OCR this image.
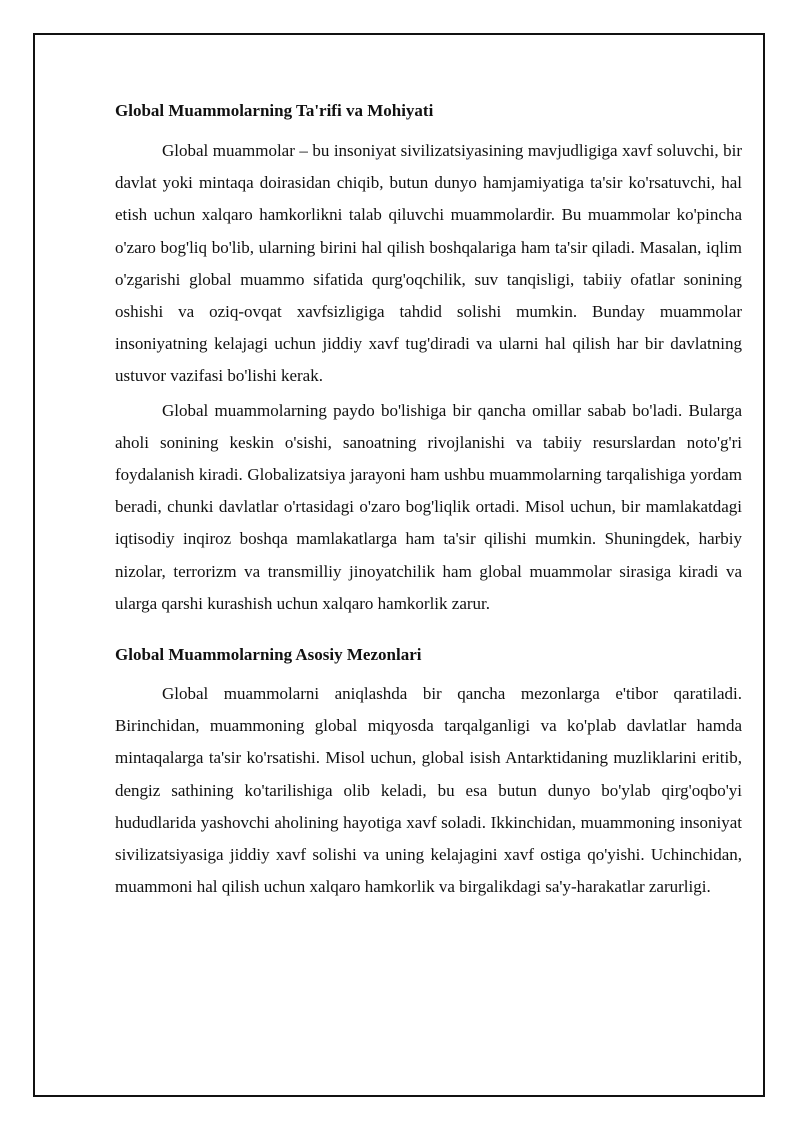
Global Muammolarning Ta'rifi va Mohiyati

Global muammolar – bu insoniyat sivilizatsiyasining mavjudligiga xavf soluvchi, bir davlat yoki mintaqa doirasidan chiqib, butun dunyo hamjamiyatiga ta'sir ko'rsatuvchi, hal etish uchun xalqaro hamkorlikni talab qiluvchi muammolardir. Bu muammolar ko'pincha o'zaro bog'liq bo'lib, ularning birini hal qilish boshqalariga ham ta'sir qiladi. Masalan, iqlim o'zgarishi global muammo sifatida qurg'oqchilik, suv tanqisligi, tabiiy ofatlar sonining oshishi va oziq-ovqat xavfsizligiga tahdid solishi mumkin. Bunday muammolar insoniyatning kelajagi uchun jiddiy xavf tug'diradi va ularni hal qilish har bir davlatning ustuvor vazifasi bo'lishi kerak.

Global muammolarning paydo bo'lishiga bir qancha omillar sabab bo'ladi. Bularga aholi sonining keskin o'sishi, sanoatning rivojlanishi va tabiiy resurslardan noto'g'ri foydalanish kiradi. Globalizatsiya jarayoni ham ushbu muammolarning tarqalishiga yordam beradi, chunki davlatlar o'rtasidagi o'zaro bog'liqlik ortadi. Misol uchun, bir mamlakatdagi iqtisodiy inqiroz boshqa mamlakatlarga ham ta'sir qilishi mumkin. Shuningdek, harbiy nizolar, terrorizm va transmilliy jinoyatchilik ham global muammolar sirasiga kiradi va ularga qarshi kurashish uchun xalqaro hamkorlik zarur.

Global Muammolarning Asosiy Mezonlari

Global muammolarni aniqlashda bir qancha mezonlarga e'tibor qaratiladi. Birinchidan, muammoning global miqyosda tarqalganligi va ko'plab davlatlar hamda mintaqalarga ta'sir ko'rsatishi. Misol uchun, global isish Antarktidaning muzliklarini eritib, dengiz sathining ko'tarilishiga olib keladi, bu esa butun dunyo bo'ylab qirg'oqbo'yi hududlarida yashovchi aholining hayotiga xavf soladi. Ikkinchidan, muammoning insoniyat sivilizatsiyasiga jiddiy xavf solishi va uning kelajagini xavf ostiga qo'yishi. Uchinchidan, muammoni hal qilish uchun xalqaro hamkorlik va birgalikdagi sa'y-harakatlar zarurligi.
